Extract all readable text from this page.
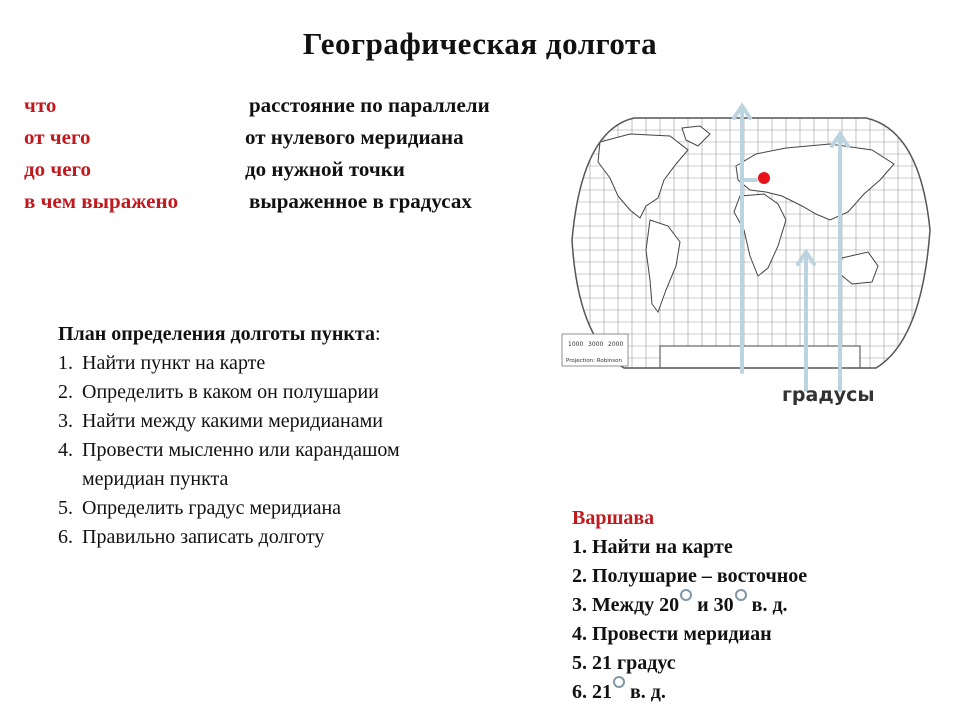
Географическая долгота
что	расстояние по параллели
от чего	от нулевого меридиана
до чего	до нужной точки
в чем выражено	выраженное в градусах
План определения долготы пункта:
1. Найти пункт на карте
2. Определить в каком он полушарии
3. Найти между какими меридианами
4. Провести мысленно или карандашом
меридиан пункта
5. Определить градус меридиана
6. Правильно записать долготу
1000 3000 2000
Projection: Robinson
градусы
Варшава
1. Найти на карте
2. Полушарие – восточное
3. Между 20 и 30 в. д.
4. Провести меридиан
5. 21 градус
6. 21 в. д.
